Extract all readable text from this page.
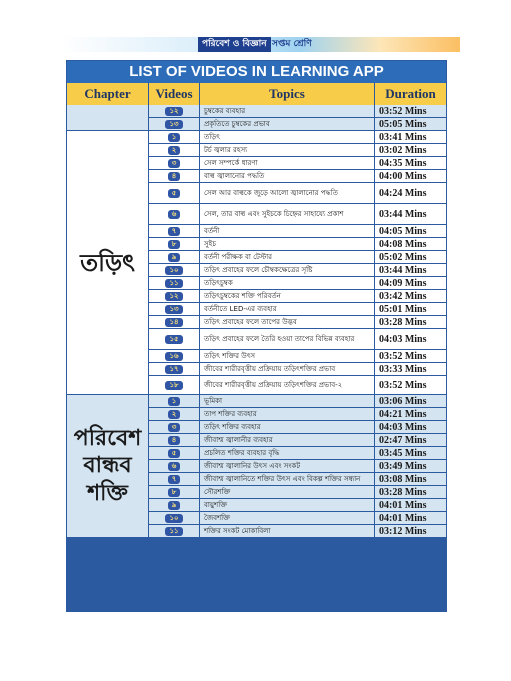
পরিবেশ ও বিজ্ঞান সপ্তম শ্রেণি
LIST OF VIDEOS IN LEARNING APP
Chapter	Videos	Topics	Duration
১২	চুম্বকের ব্যবহার	03:52 Mins
১৩	প্রকৃতিতে চুম্বকের প্রভাব	05:05 Mins
১	তড়িৎ	03:41 Mins
২	টর্চ জ্বলার রহস্য	03:02 Mins
৩	সেল সম্পর্কে ধারণা	04:35 Mins
৪	বাল্ব জ্বালানোর পদ্ধতি	04:00 Mins
৫	সেল আর বাল্বকে জুড়ে আলো জ্বালানোর পদ্ধতি	04:24 Mins
৬	সেল, তার বাল্ব এবং সুইচকে চিহ্নের সাহায্যে প্রকাশ	03:44 Mins
৭	বর্তনী	04:05 Mins
৮	সুইচ	04:08 Mins
৯	বর্তনী পরীক্ষক বা টেস্টার	05:02 Mins
১০	তড়িৎ প্রবাহের ফলে চৌম্বকক্ষেত্রের সৃষ্টি	03:44 Mins
১১	তড়িৎচুম্বক	04:09 Mins
১২	তড়িৎচুম্বকের শক্তি পরিবর্তন	03:42 Mins
১৩	বর্তনীতে LED-এর ব্যবহার	05:01 Mins
১৪	তড়িৎ প্রবাহের ফলে তাপের উদ্ভব	03:28 Mins
১৫	তড়িৎ প্রবাহের ফলে তৈরি হওয়া তাপের বিভিন্ন ব্যবহার	04:03 Mins
১৬	তড়িৎ শক্তির উৎস	03:52 Mins
১৭	জীবের শারীরবৃত্তীয় প্রক্রিয়ায় তড়িৎশক্তির প্রভাব	03:33 Mins
১৮	জীবের শারীরবৃত্তীয় প্রক্রিয়ায় তড়িৎশক্তির প্রভাব-২	03:52 Mins
তড়িৎ
১	ভূমিকা	03:06 Mins
২	তাপ শক্তির ব্যবহার	04:21 Mins
৩	তড়িৎ শক্তির ব্যবহার	04:03 Mins
৪	জীবাশ্ম জ্বালানীর ব্যবহার	02:47 Mins
৫	প্রচলিত শক্তির ব্যবহার বৃদ্ধি	03:45 Mins
৬	জীবাশ্ম জ্বালানির উৎস এবং সংকট	03:49 Mins
৭	জীবাশ্ম জ্বালানিতে শক্তির উৎস এবং বিকল্প শক্তির সন্ধান	03:08 Mins
৮	সৌরশক্তি	03:28 Mins
৯	বায়ুশক্তি	04:01 Mins
১০	জৈবশক্তি	04:01 Mins
১১	শক্তির সংকট মোকাবিলা	03:12 Mins
পরিবেশ বান্ধব শক্তি
